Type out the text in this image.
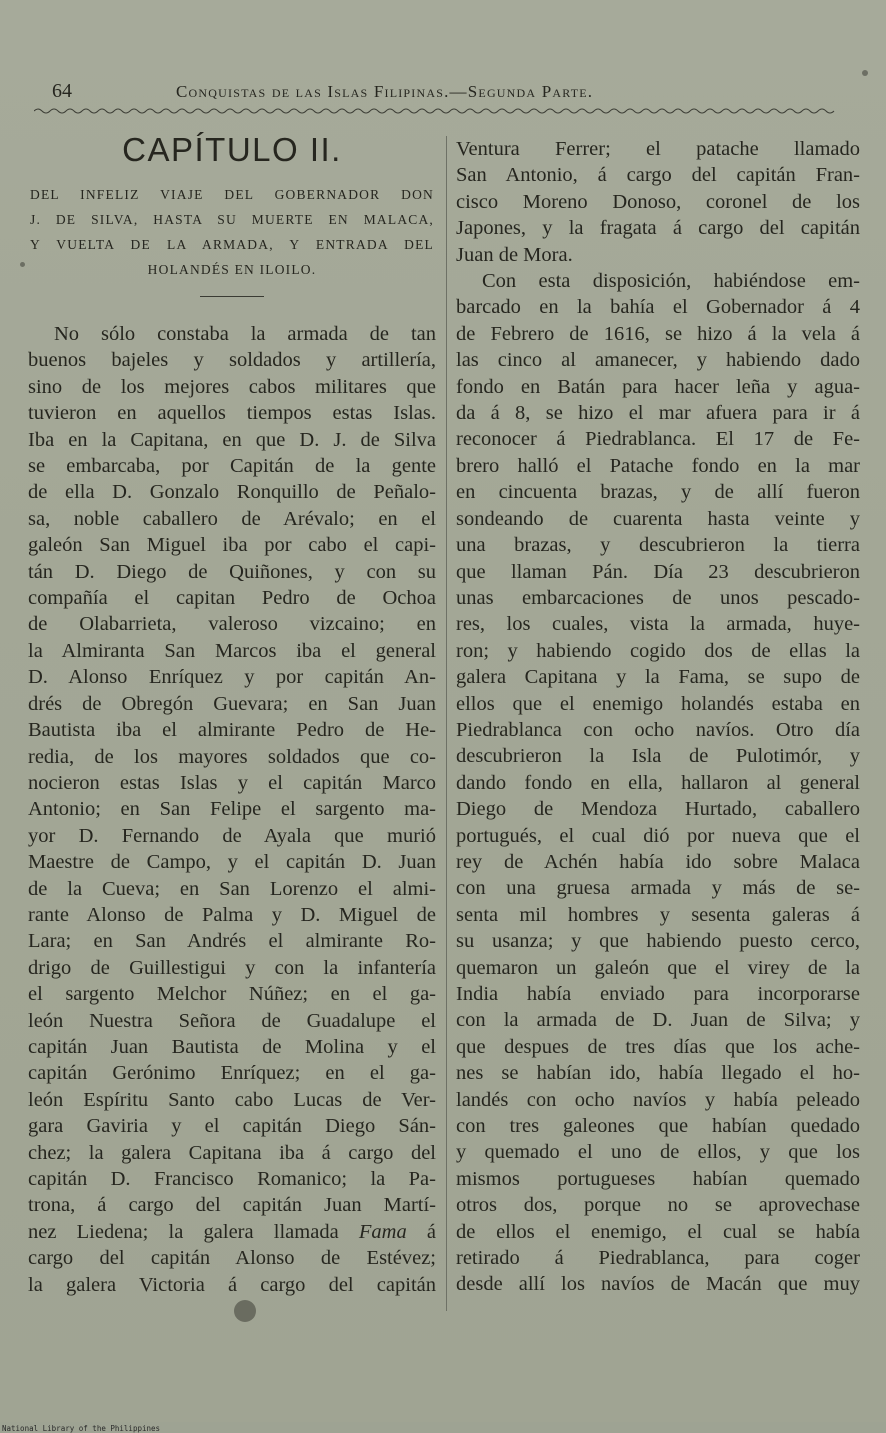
64	Conquistas de las Islas Filipinas.—Segunda Parte.
CAPÍTULO II.

DEL INFELIZ VIAJE DEL GOBERNADOR DON
J. DE SILVA, HASTA SU MUERTE EN MALACA,
Y VUELTA DE LA ARMADA, Y ENTRADA DEL
HOLANDÉS EN ILOILO.

No sólo constaba la armada de tan
buenos bajeles y soldados y artillería,
sino de los mejores cabos militares que
tuvieron en aquellos tiempos estas Islas.
Iba en la Capitana, en que D. J. de Silva
se embarcaba, por Capitán de la gente
de ella D. Gonzalo Ronquillo de Peñalo-
sa, noble caballero de Arévalo; en el
galeón San Miguel iba por cabo el capi-
tán D. Diego de Quiñones, y con su
compañía el capitan Pedro de Ochoa
de Olabarrieta, valeroso vizcaino; en
la Almiranta San Marcos iba el general
D. Alonso Enríquez y por capitán An-
drés de Obregón Guevara; en San Juan
Bautista iba el almirante Pedro de He-
redia, de los mayores soldados que co-
nocieron estas Islas y el capitán Marco
Antonio; en San Felipe el sargento ma-
yor D. Fernando de Ayala que murió
Maestre de Campo, y el capitán D. Juan
de la Cueva; en San Lorenzo el almi-
rante Alonso de Palma y D. Miguel de
Lara; en San Andrés el almirante Ro-
drigo de Guillestigui y con la infantería
el sargento Melchor Núñez; en el ga-
león Nuestra Señora de Guadalupe el
capitán Juan Bautista de Molina y el
capitán Gerónimo Enríquez; en el ga-
león Espíritu Santo cabo Lucas de Ver-
gara Gaviria y el capitán Diego Sán-
chez; la galera Capitana iba á cargo del
capitán D. Francisco Romanico; la Pa-
trona, á cargo del capitán Juan Martí-
nez Liedena; la galera llamada Fama á
cargo del capitán Alonso de Estévez;
la galera Victoria á cargo del capitán
Ventura Ferrer; el patache llamado
San Antonio, á cargo del capitán Fran-
cisco Moreno Donoso, coronel de los
Japones, y la fragata á cargo del capitán
Juan de Mora.
Con esta disposición, habiéndose em-
barcado en la bahía el Gobernador á 4
de Febrero de 1616, se hizo á la vela á
las cinco al amanecer, y habiendo dado
fondo en Batán para hacer leña y agua-
da á 8, se hizo el mar afuera para ir á
reconocer á Piedrablanca. El 17 de Fe-
brero halló el Patache fondo en la mar
en cincuenta brazas, y de allí fueron
sondeando de cuarenta hasta veinte y
una brazas, y descubrieron la tierra
que llaman Pán. Día 23 descubrieron
unas embarcaciones de unos pescado-
res, los cuales, vista la armada, huye-
ron; y habiendo cogido dos de ellas la
galera Capitana y la Fama, se supo de
ellos que el enemigo holandés estaba en
Piedrablanca con ocho navíos. Otro día
descubrieron la Isla de Pulotimór, y
dando fondo en ella, hallaron al general
Diego de Mendoza Hurtado, caballero
portugués, el cual dió por nueva que el
rey de Achén había ido sobre Malaca
con una gruesa armada y más de se-
senta mil hombres y sesenta galeras á
su usanza; y que habiendo puesto cerco,
quemaron un galeón que el virey de la
India había enviado para incorporarse
con la armada de D. Juan de Silva; y
que despues de tres días que los ache-
nes se habían ido, había llegado el ho-
landés con ocho navíos y había peleado
con tres galeones que habían quedado
y quemado el uno de ellos, y que los
mismos portugueses habían quemado
otros dos, porque no se aprovechase
de ellos el enemigo, el cual se había
retirado á Piedrablanca, para coger
desde allí los navíos de Macán que muy
National Library of the Philippines
